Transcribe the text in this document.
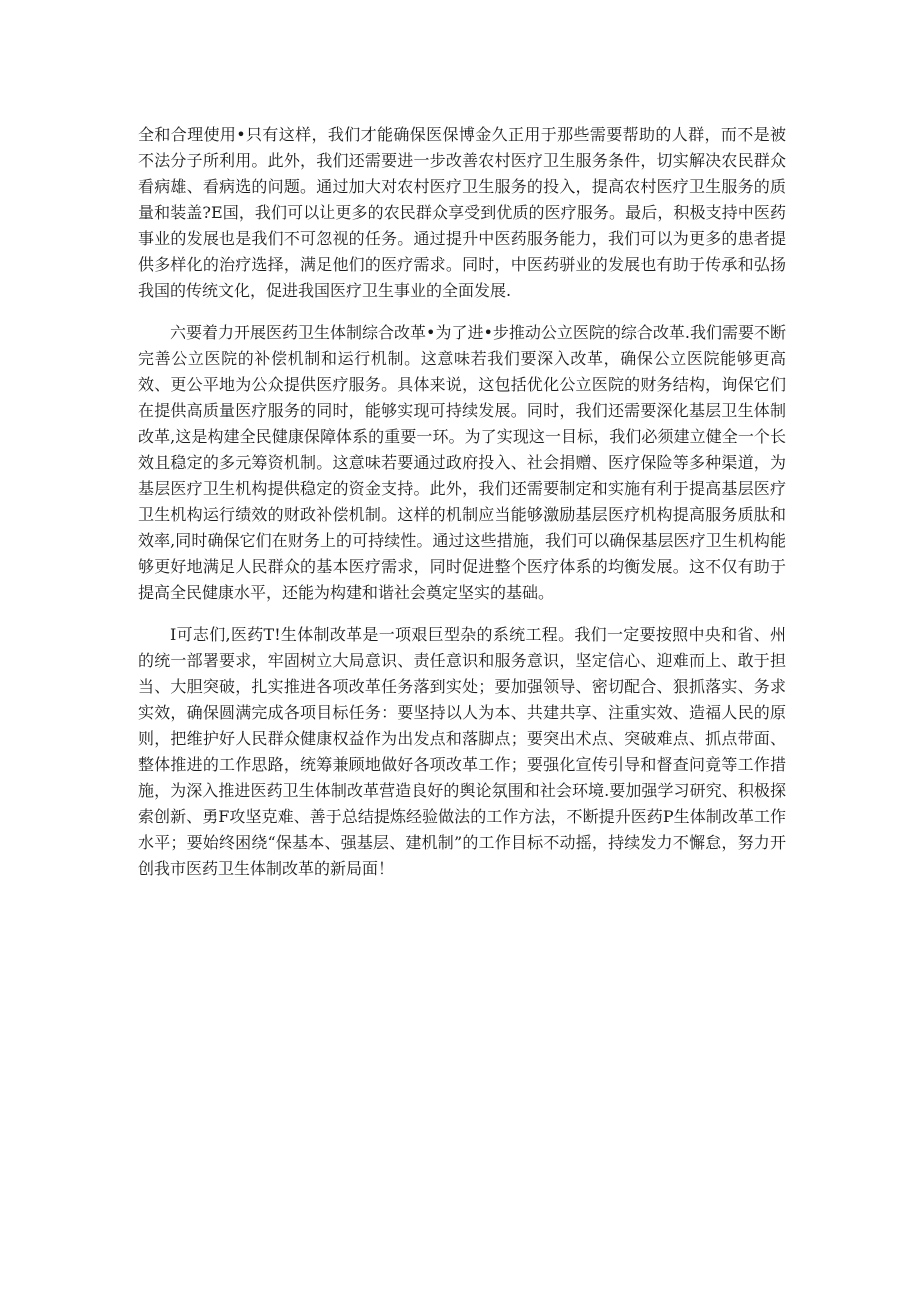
全和合理使用•只有这样，我们才能确保医保博金久正用于那些需要帮助的人群，而不是被不法分子所利用。此外，我们还需要进一步改善农村医疗卫生服务条件，切实解决农民群众看病雄、看病选的问题。通过加大对农村医疗卫生服务的投入，提高农村医疗卫生服务的质量和装盖?E国，我们可以让更多的农民群众享受到优质的医疗服务。最后，积极支持中医药事业的发展也是我们不可忽视的任务。通过提升中医药服务能力，我们可以为更多的患者提供多样化的治疗选择，满足他们的医疗需求。同时，中医药骈业的发展也有助于传承和弘扬我国的传统文化，促进我国医疗卫生事业的全面发展.

六要着力开展医药卫生体制综合改革•为了进•步推动公立医院的综合改革.我们需要不断完善公立医院的补偿机制和运行机制。这意味若我们要深入改革，确保公立医院能够更高效、更公平地为公众提供医疗服务。具体来说，这包括优化公立医院的财务结构，询保它们在提供高质量医疗服务的同时，能够实现可持续发展。同时，我们还需要深化基层卫生体制改革,这是构建全民健康保障体系的重要一环。为了实现这一目标，我们必须建立健全一个长效且稳定的多元筹资机制。这意味若要通过政府投入、社会捐赠、医疗保险等多种渠道，为基层医疗卫生机构提供稳定的资金支持。此外，我们还需要制定和实施有利于提高基层医疗卫生机构运行绩效的财政补偿机制。这样的机制应当能够激励基层医疗机构提高服务质肽和效率,同时确保它们在财务上的可持续性。通过这些措施，我们可以确保基层医疗卫生机构能够更好地满足人民群众的基本医疗需求，同时促进整个医疗体系的均衡发展。这不仅有助于提高全民健康水平，还能为构建和谐社会奠定坚实的基础。

I可志们,医药T!生体制改革是一项艰巨型杂的系统工程。我们一定要按照中央和省、州的统一部署要求，牢固树立大局意识、责任意识和服务意识，坚定信心、迎难而上、敢于担当、大胆突破，扎实推进各项改革任务落到实处；要加强领导、密切配合、狠抓落实、务求实效，确保圆满完成各项目标任务：要坚持以人为本、共建共享、注重实效、造福人民的原则，把维护好人民群众健康权益作为出发点和落脚点；要突出术点、突破难点、抓点带面、整体推进的工作思路，统筹兼顾地做好各项改革工作；要强化宣传引导和督查问竟等工作措施，为深入推进医药卫生体制改革营造良好的舆论氛围和社会环境.要加强学习研究、积极探索创新、勇F攻坚克难、善于总结提炼经验做法的工作方法，不断提升医药P生体制改革工作水平；要始终困绕“保基本、强基层、建机制”的工作目标不动摇，持续发力不懈怠，努力开创我市医药卫生体制改革的新局面！
